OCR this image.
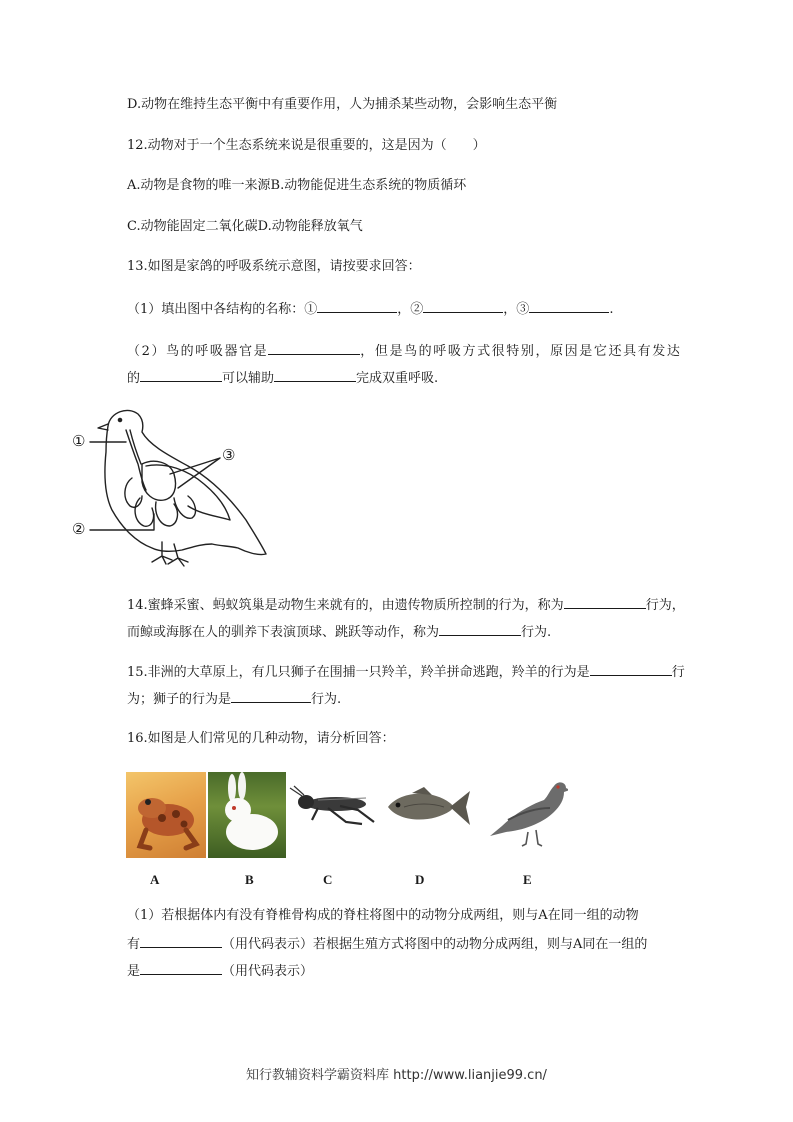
D.动物在维持生态平衡中有重要作用，人为捕杀某些动物，会影响生态平衡
12.动物对于一个生态系统来说是很重要的，这是因为（　　）
A.动物是食物的唯一来源B.动物能促进生态系统的物质循环
C.动物能固定二氧化碳D.动物能释放氧气
13.如图是家鸽的呼吸系统示意图，请按要求回答：
（1）填出图中各结构的名称：①	，②	，③	.
（2）鸟的呼吸器官是	，但是鸟的呼吸方式很特别，原因是它还具有发达
的	可以辅助	完成双重呼吸.
①
②
③
14.蜜蜂采蜜、蚂蚁筑巢是动物生来就有的，由遗传物质所控制的行为，称为	行为，
而鲸或海豚在人的驯养下表演顶球、跳跃等动作，称为	行为.
15.非洲的大草原上，有几只狮子在围捕一只羚羊，羚羊拼命逃跑，羚羊的行为是	行
为；狮子的行为是	行为.
16.如图是人们常见的几种动物，请分析回答：
A	B	C	D	E
（1）若根据体内有没有脊椎骨构成的脊柱将图中的动物分成两组，则与A在同一组的动物
有	（用代码表示）若根据生殖方式将图中的动物分成两组，则与A同在一组的
是	（用代码表示）
知行教辅资料学霸资料库 http://www.lianjie99.cn/
